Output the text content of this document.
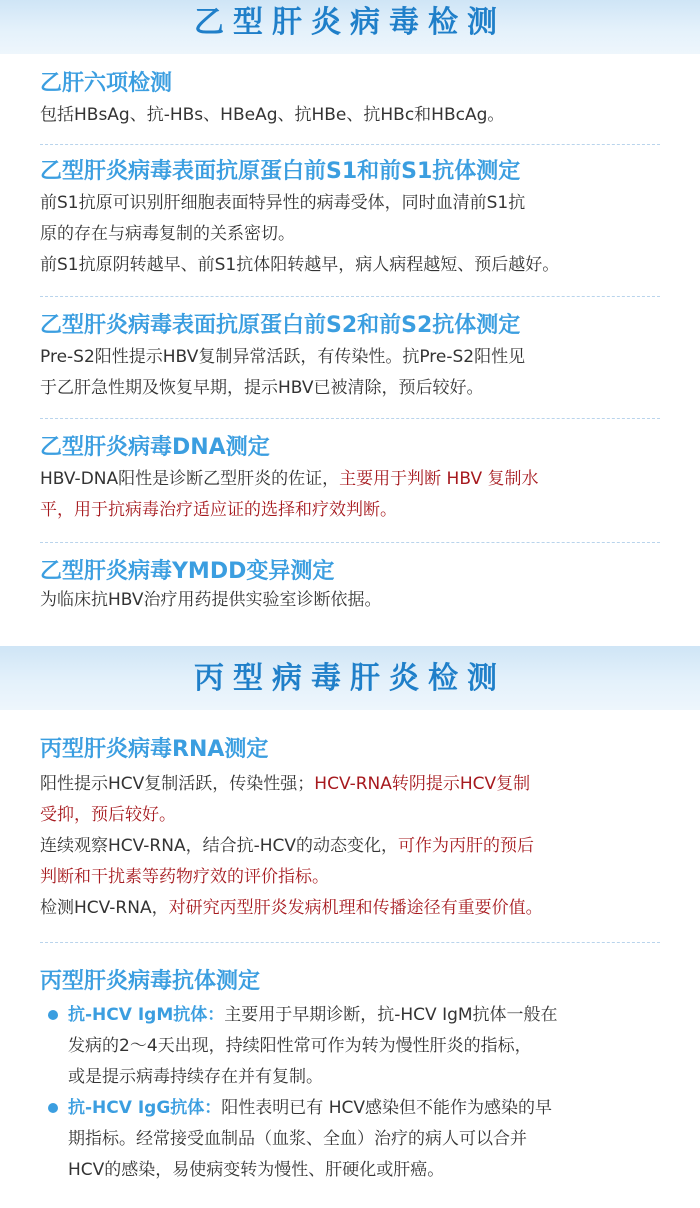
乙型肝炎病毒检测
乙肝六项检测
包括HBsAg、抗-HBs、HBeAg、抗HBe、抗HBc和HBcAg。
乙型肝炎病毒表面抗原蛋白前S1和前S1抗体测定
前S1抗原可识别肝细胞表面特异性的病毒受体，同时血清前S1抗
原的存在与病毒复制的关系密切。
前S1抗原阴转越早、前S1抗体阳转越早，病人病程越短、预后越好。
乙型肝炎病毒表面抗原蛋白前S2和前S2抗体测定
Pre-S2阳性提示HBV复制异常活跃，有传染性。抗Pre-S2阳性见
于乙肝急性期及恢复早期，提示HBV已被清除，预后较好。
乙型肝炎病毒DNA测定
HBV-DNA阳性是诊断乙型肝炎的佐证，主要用于判断 HBV 复制水
平，用于抗病毒治疗适应证的选择和疗效判断。
乙型肝炎病毒YMDD变异测定
为临床抗HBV治疗用药提供实验室诊断依据。
丙型病毒肝炎检测
丙型肝炎病毒RNA测定
阳性提示HCV复制活跃，传染性强；HCV-RNA转阴提示HCV复制
受抑，预后较好。
连续观察HCV-RNA，结合抗-HCV的动态变化，可作为丙肝的预后
判断和干扰素等药物疗效的评价指标。
检测HCV-RNA，对研究丙型肝炎发病机理和传播途径有重要价值。
丙型肝炎病毒抗体测定
抗-HCV IgM抗体：主要用于早期诊断，抗-HCV IgM抗体一般在
发病的2～4天出现，持续阳性常可作为转为慢性肝炎的指标，
或是提示病毒持续存在并有复制。
抗-HCV IgG抗体：阳性表明已有 HCV感染但不能作为感染的早
期指标。经常接受血制品（血浆、全血）治疗的病人可以合并
HCV的感染，易使病变转为慢性、肝硬化或肝癌。
